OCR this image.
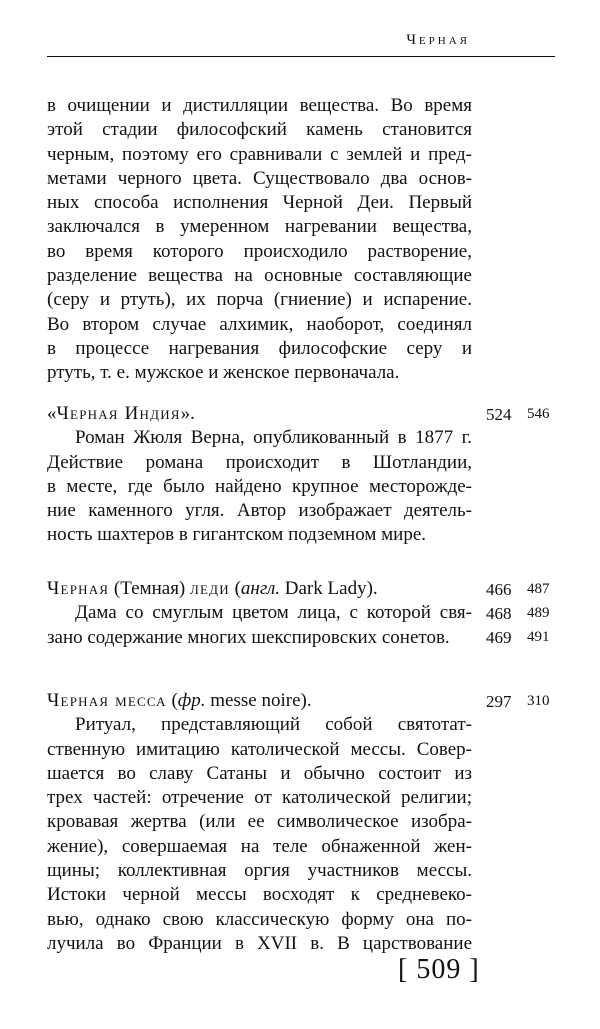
Черная

в очищении и дистилляции вещества. Во время

этой стадии философский камень становится

черным, поэтому его сравнивали с землей и пред-

метами черного цвета. Существовало два основ-

ных способа исполнения Черной Деи. Первый

заключался в умеренном нагревании вещества,

во время которого происходило растворение,

разделение вещества на основные составляющие

(серу и ртуть), их порча (гниение) и испарение.

Во втором случае алхимик, наоборот, соединял

в процессе нагревания философские серу и

ртуть, т. е. мужское и женское первоначала.

«Черная Индия».

Роман Жюля Верна, опубликованный в 1877 г.

Действие романа происходит в Шотландии,

в месте, где было найдено крупное месторожде-

ние каменного угля. Автор изображает деятель-

ность шахтеров в гигантском подземном мире.

524 546

Черная (Темная) леди (англ. Dark Lady).

Дама со смуглым цветом лица, с которой свя-

зано содержание многих шекспировских сонетов.

466 487
468 489
469 491

Черная месса (фр. messe noire).

Ритуал, представляющий собой святотат-

ственную имитацию католической мессы. Совер-

шается во славу Сатаны и обычно состоит из

трех частей: отречение от католической религии;

кровавая жертва (или ее символическое изобра-

жение), совершаемая на теле обнаженной жен-

щины; коллективная оргия участников мессы.

Истоки черной мессы восходят к средневеко-

вью, однако свою классическую форму она по-

лучила во Франции в XVII в. В царствование

297 310
[ 509 ]
